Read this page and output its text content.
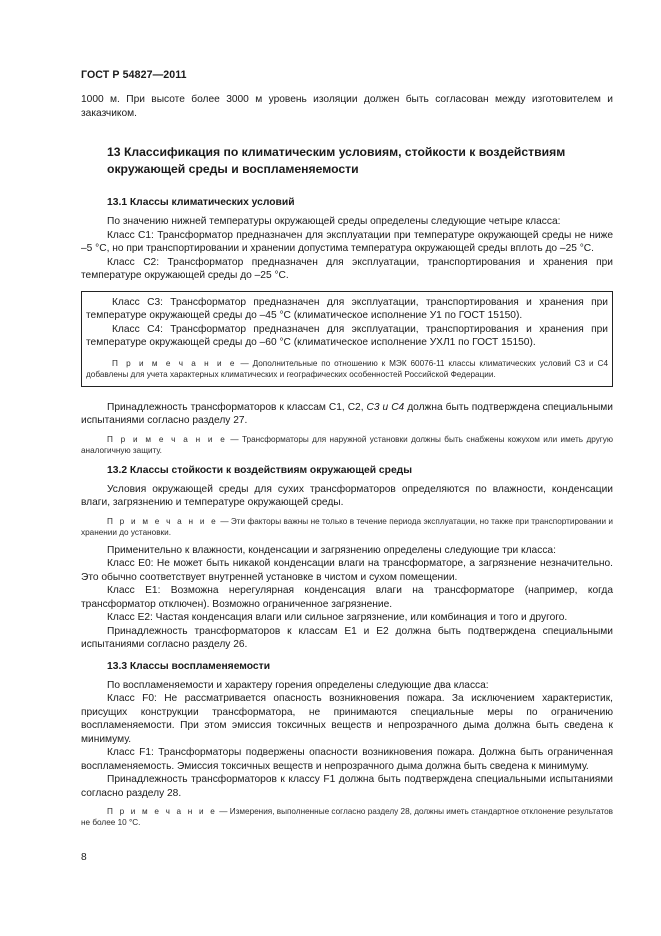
ГОСТ Р 54827—2011

1000 м. При высоте более 3000 м уровень изоляции должен быть согласован между изготовителем и заказчиком.

13 Классификация по климатическим условиям, стойкости к воздействиям окружающей среды и воспламеняемости
13.1 Классы климатических условий

По значению нижней температуры окружающей среды определены следующие четыре класса:

Класс С1: Трансформатор предназначен для эксплуатации при температуре окружающей среды не ниже –5 °С, но при транспортировании и хранении допустима температура окружающей среды вплоть до –25 °С.

Класс С2: Трансформатор предназначен для эксплуатации, транспортирования и хранения при температуре окружающей среды до –25 °С.

Класс С3: Трансформатор предназначен для эксплуатации, транспортирования и хранения при температуре окружающей среды до –45 °С (климатическое исполнение У1 по ГОСТ 15150).

Класс С4: Трансформатор предназначен для эксплуатации, транспортирования и хранения при температуре окружающей среды до –60 °С (климатическое исполнение УХЛ1 по ГОСТ 15150).

П р и м е ч а н и е — Дополнительные по отношению к МЭК 60076-11 классы климатических условий С3 и С4 добавлены для учета характерных климатических и географических особенностей Российской Федерации.

Принадлежность трансформаторов к классам С1, С2, С3 и С4 должна быть подтверждена специальными испытаниями согласно разделу 27.

П р и м е ч а н и е — Трансформаторы для наружной установки должны быть снабжены кожухом или иметь другую аналогичную защиту.

13.2 Классы стойкости к воздействиям окружающей среды

Условия окружающей среды для сухих трансформаторов определяются по влажности, конденсации влаги, загрязнению и температуре окружающей среды.

П р и м е ч а н и е — Эти факторы важны не только в течение периода эксплуатации, но также при транспортировании и хранении до установки.

Применительно к влажности, конденсации и загрязнению определены следующие три класса:

Класс Е0: Не может быть никакой конденсации влаги на трансформаторе, а загрязнение незначительно. Это обычно соответствует внутренней установке в чистом и сухом помещении.

Класс Е1: Возможна нерегулярная конденсация влаги на трансформаторе (например, когда трансформатор отключен). Возможно ограниченное загрязнение.

Класс Е2: Частая конденсация влаги или сильное загрязнение, или комбинация и того и другого.

Принадлежность трансформаторов к классам Е1 и Е2 должна быть подтверждена специальными испытаниями согласно разделу 26.

13.3 Классы воспламеняемости

По воспламеняемости и характеру горения определены следующие два класса:

Класс F0: Не рассматривается опасность возникновения пожара. За исключением характеристик, присущих конструкции трансформатора, не принимаются специальные меры по ограничению воспламеняемости. При этом эмиссия токсичных веществ и непрозрачного дыма должна быть сведена к минимуму.

Класс F1: Трансформаторы подвержены опасности возникновения пожара. Должна быть ограниченная воспламеняемость. Эмиссия токсичных веществ и непрозрачного дыма должна быть сведена к минимуму.

Принадлежность трансформаторов к классу F1 должна быть подтверждена специальными испытаниями согласно разделу 28.

П р и м е ч а н и е — Измерения, выполненные согласно разделу 28, должны иметь стандартное отклонение результатов не более 10 °С.

8
